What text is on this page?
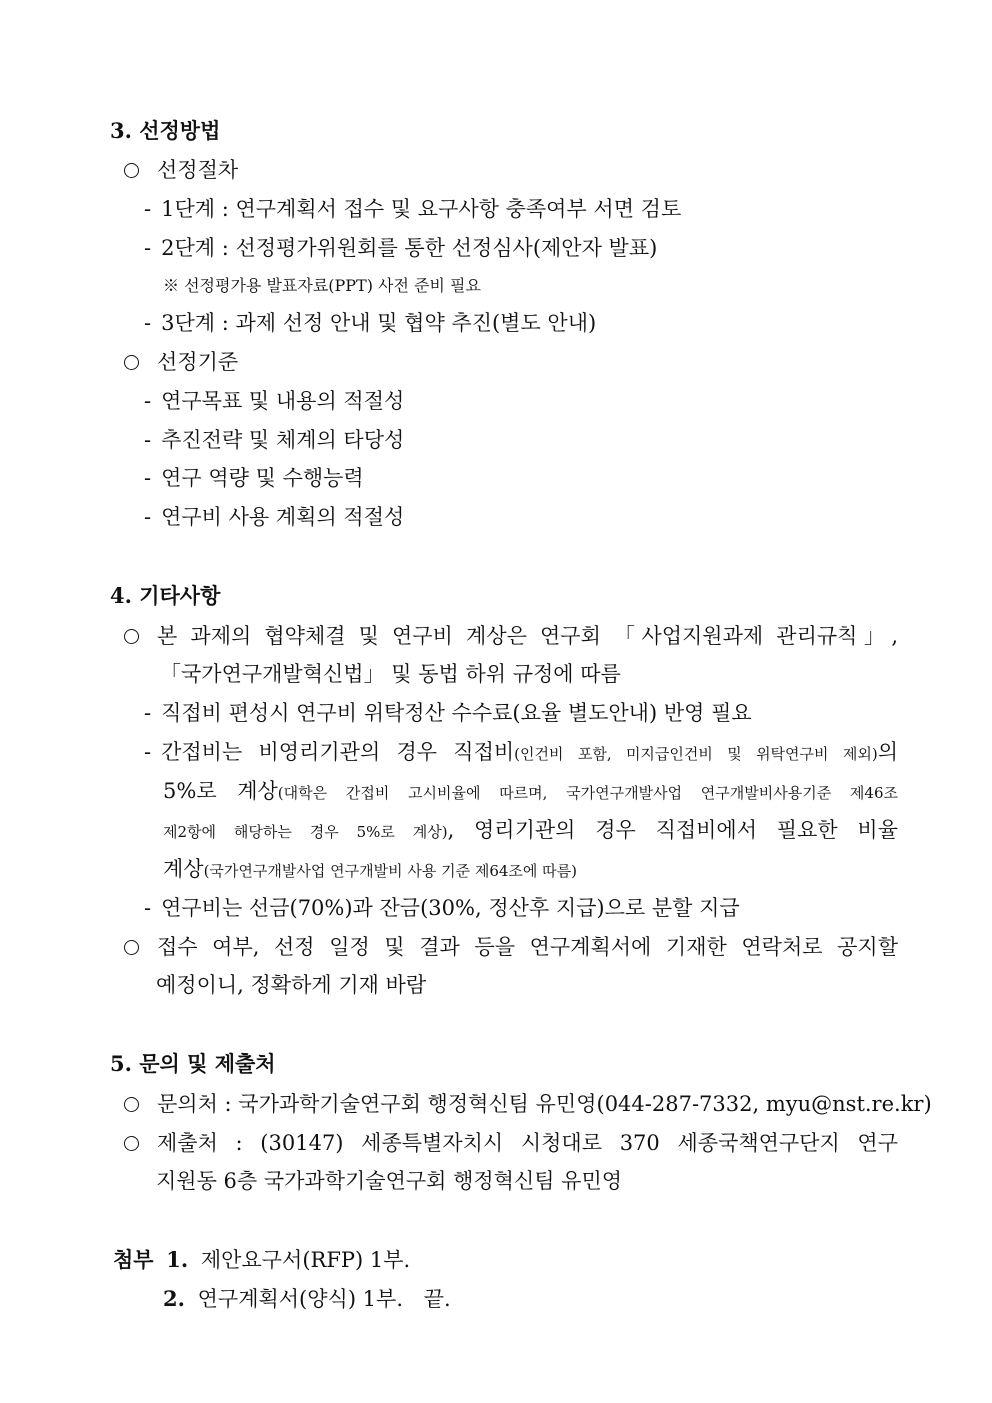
3. 선정방법
선정절차
- 1단계 : 연구계획서 접수 및 요구사항 충족여부 서면 검토
- 2단계 : 선정평가위원회를 통한 선정심사(제안자 발표)
※ 선정평가용 발표자료(PPT) 사전 준비 필요
- 3단계 : 과제 선정 안내 및 협약 추진(별도 안내)
선정기준
- 연구목표 및 내용의 적절성
- 추진전략 및 체계의 타당성
- 연구 역량 및 수행능력
- 연구비 사용 계획의 적절성
4. 기타사항
본 과제의 협약체결 및 연구비 계상은 연구회 「사업지원과제 관리규칙」,
「국가연구개발혁신법」 및 동법 하위 규정에 따름
- 직접비 편성시 연구비 위탁정산 수수료(요율 별도안내) 반영 필요
- 간접비는 비영리기관의 경우 직접비(인건비 포함, 미지급인건비 및 위탁연구비 제외)의
5%로 계상(대학은 간접비 고시비율에 따르며, 국가연구개발사업 연구개발비사용기준 제46조
제2항에 해당하는 경우 5%로 계상), 영리기관의 경우 직접비에서 필요한 비율
계상(국가연구개발사업 연구개발비 사용 기준 제64조에 따름)
- 연구비는 선금(70%)과 잔금(30%, 정산후 지급)으로 분할 지급
접수 여부, 선정 일정 및 결과 등을 연구계획서에 기재한 연락처로 공지할
예정이니, 정확하게 기재 바람
5. 문의 및 제출처
문의처 : 국가과학기술연구회 행정혁신팀 유민영(044-287-7332, myu@nst.re.kr)
제출처 : (30147) 세종특별자치시 시청대로 370 세종국책연구단지 연구
지원동 6층 국가과학기술연구회 행정혁신팀 유민영
첨부 1. 제안요구서(RFP) 1부.
2. 연구계획서(양식) 1부. 끝.
